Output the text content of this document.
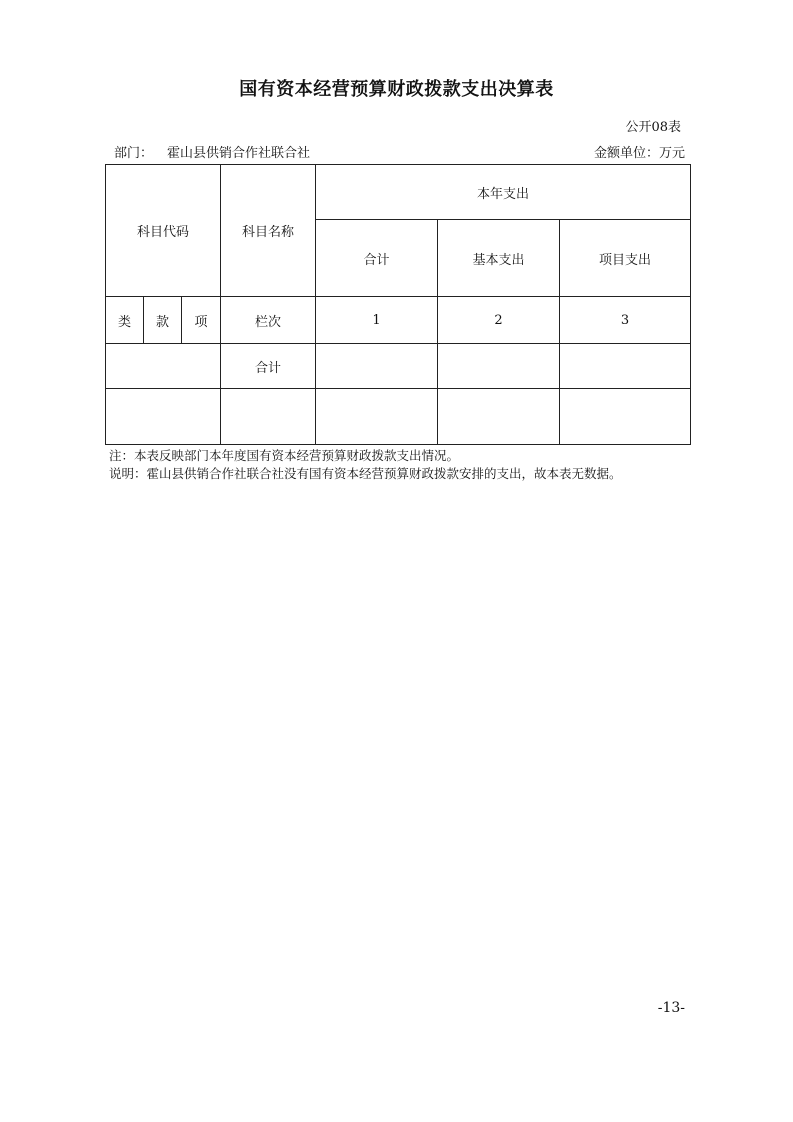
国有资本经营预算财政拨款支出决算表
公开08表
部门： 霍山县供销合作社联合社	金额单位：万元
科目代码			科目名称	本年支出		
				合计	基本支出	项目支出
类	款	项	栏次	1	2	3
			合计			

注：本表反映部门本年度国有资本经营预算财政拨款支出情况。
说明：霍山县供销合作社联合社没有国有资本经营预算财政拨款安排的支出，故本表无数据。
-13-
